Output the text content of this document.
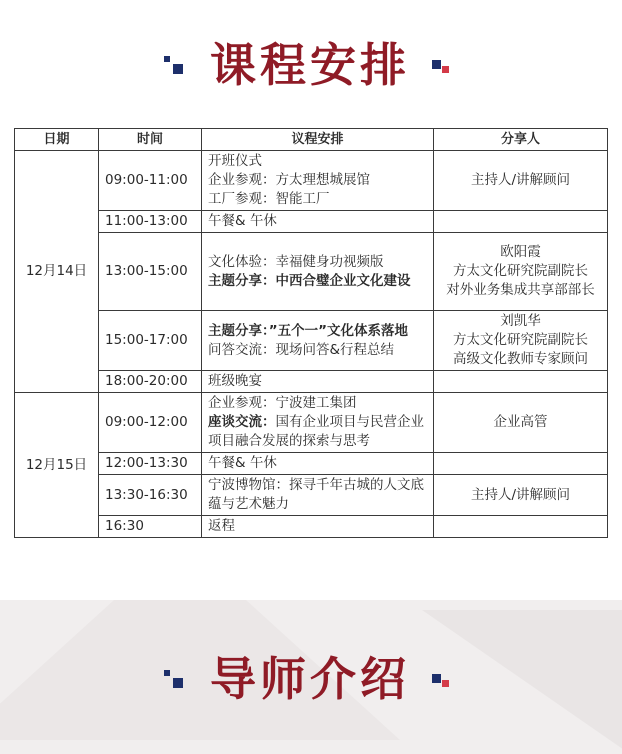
课程安排
日期	时间	议程安排	分享人
12月14日	09:00-11:00	开班仪式
企业参观：方太理想城展馆
工厂参观：智能工厂	主持人/讲解顾问

	11:00-13:00	午餐& 午休	

	13:00-15:00	文化体验：幸福健身功视频版
主题分享：中西合璧企业文化建设	欧阳霞
方太文化研究院副院长
对外业务集成共享部部长

	15:00-17:00	主题分享：”五个一”文化体系落地
问答交流：现场问答&行程总结	刘凯华
方太文化研究院副院长
高级文化教师专家顾问

	18:00-20:00	班级晚宴	

12月15日	09:00-12:00	企业参观：宁波建工集团
座谈交流：国有企业项目与民营企业项目融合发展的探索与思考	企业高管

	12:00-13:30	午餐& 午休	

	13:30-16:30	宁波博物馆：探寻千年古城的人文底蕴与艺术魅力	主持人/讲解顾问

	16:30	返程	

导师介绍
